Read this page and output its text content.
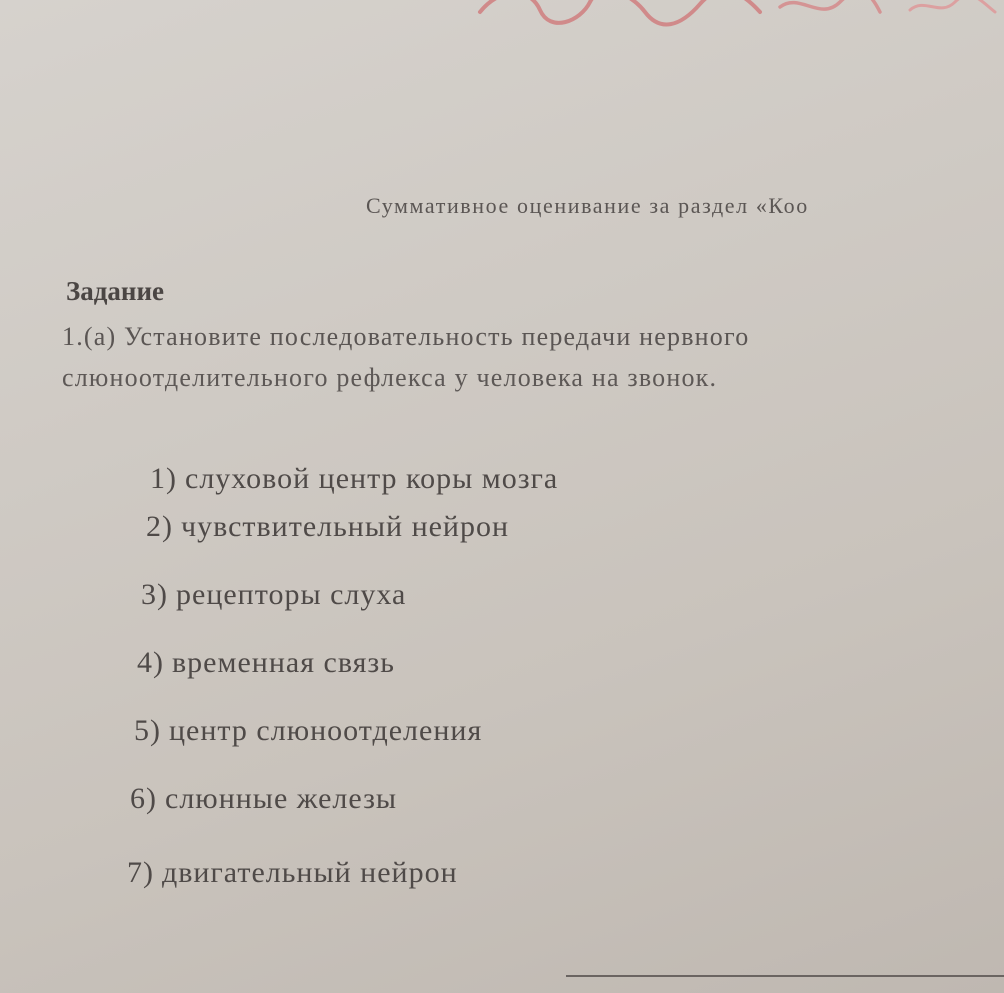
Суммативное оценивание за раздел «Коо
Задание
1.(а) Установите последовательность передачи нервного
слюноотделительного рефлекса у человека на звонок.
1) слуховой центр коры мозга
2) чувствительный нейрон
3) рецепторы слуха
4) временная связь
5) центр слюноотделения
6) слюнные железы
7) двигательный нейрон
